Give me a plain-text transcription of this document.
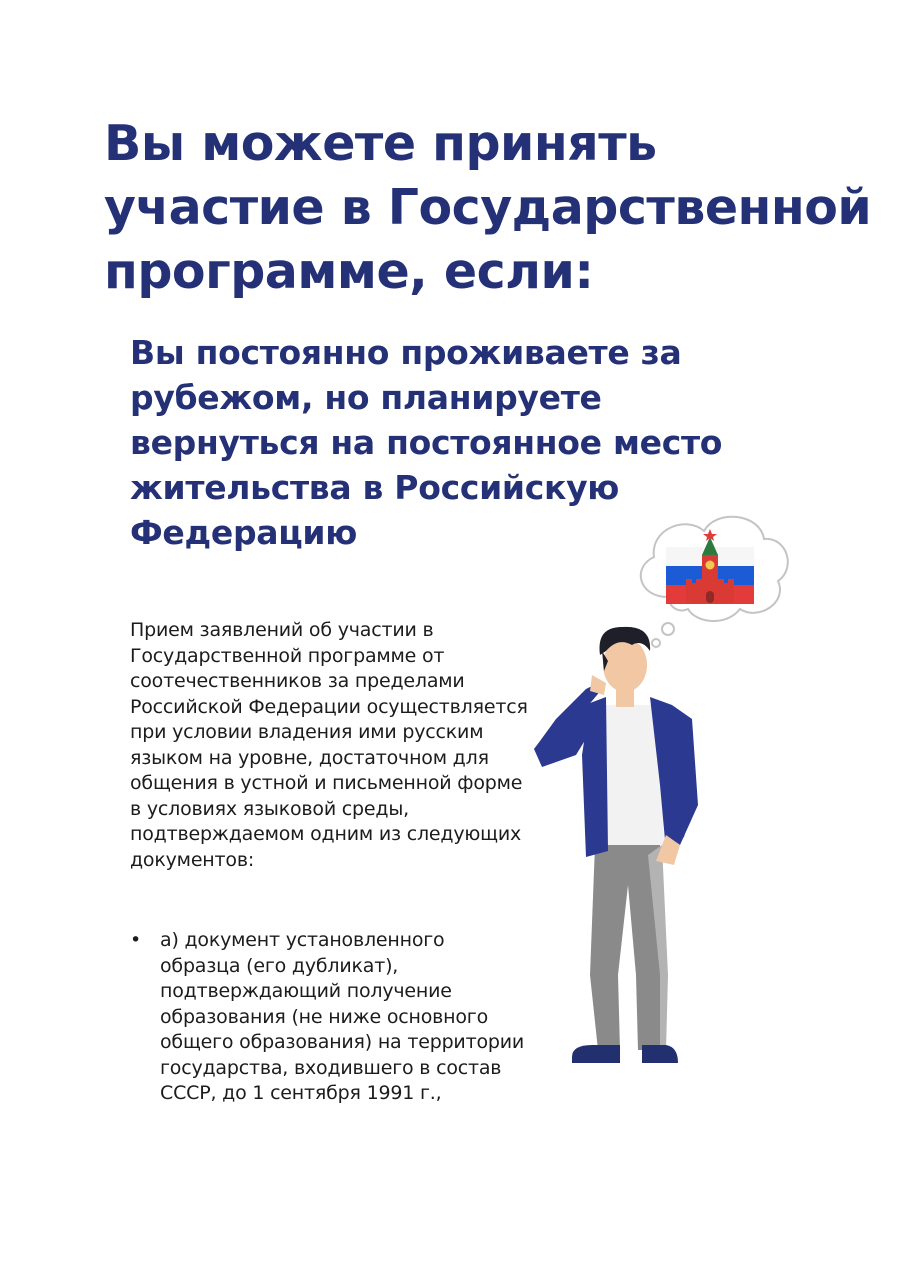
Вы можете принять участие в Государственной программе, если:
Вы постоянно проживаете за рубежом, но планируете вернуться на постоянное место жительства в Российскую Федерацию

Прием заявлений об участии в Государственной программе от соотечественников за пределами Российской Федерации осуществляется при условии владения ими русским языком на уровне, достаточном для общения в устной и письменной форме в условиях языковой среды, подтверждаемом одним из следующих документов:

• а) документ установленного образца (его дубликат), подтверждающий получение образования (не ниже основного общего образования) на территории государства, входившего в состав СССР, до 1 сентября 1991 г.,
